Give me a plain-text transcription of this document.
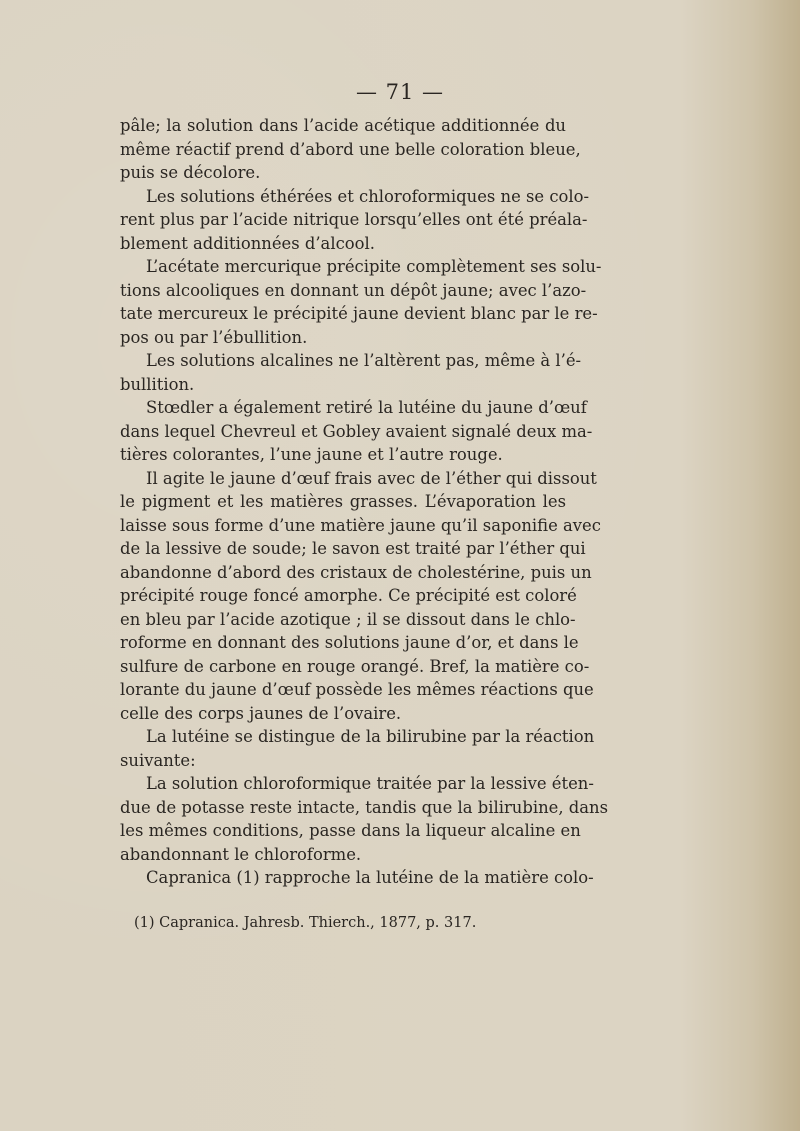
— 71 —
pâle; la solution dans l’acide acétique additionnée du
même réactif prend d’abord une belle coloration bleue,
puis se décolore.
Les solutions éthérées et chloroformiques ne se colo-
rent plus par l’acide nitrique lorsqu’elles ont été préala-
blement additionnées d’alcool.
L’acétate mercurique précipite complètement ses solu-
tions alcooliques en donnant un dépôt jaune; avec l’azo-
tate mercureux le précipité jaune devient blanc par le re-
pos ou par l’ébullition.
Les solutions alcalines ne l’altèrent pas, même à l’é-
bullition.
Stœdler a également retiré la lutéine du jaune d’œuf
dans lequel Chevreul et Gobley avaient signalé deux ma-
tières colorantes, l’une jaune et l’autre rouge.
Il agite le jaune d’œuf frais avec de l’éther qui dissout
le pigment et les matières grasses. L’évaporation les
laisse sous forme d’une matière jaune qu’il saponifie avec
de la lessive de soude; le savon est traité par l’éther qui
abandonne d’abord des cristaux de cholestérine, puis un
précipité rouge foncé amorphe. Ce précipité est coloré
en bleu par l’acide azotique ; il se dissout dans le chlo-
roforme en donnant des solutions jaune d’or, et dans le
sulfure de carbone en rouge orangé. Bref, la matière co-
lorante du jaune d’œuf possède les mêmes réactions que
celle des corps jaunes de l’ovaire.
La lutéine se distingue de la bilirubine par la réaction
suivante:
La solution chloroformique traitée par la lessive éten-
due de potasse reste intacte, tandis que la bilirubine, dans
les mêmes conditions, passe dans la liqueur alcaline en
abandonnant le chloroforme.
Capranica (1) rapproche la lutéine de la matière colo-
(1) Capranica. Jahresb. Thierch., 1877, p. 317.
